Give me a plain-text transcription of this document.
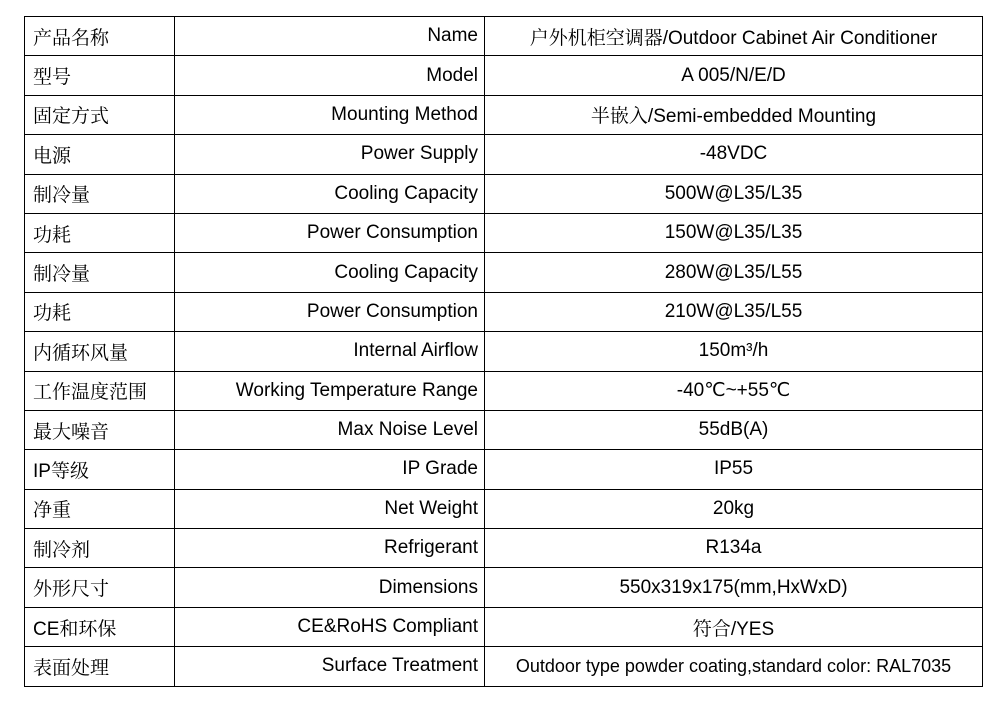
产品名称	Name	户外机柜空调器/Outdoor Cabinet Air Conditioner
型号	Model	A 005/N/E/D
固定方式	Mounting Method	半嵌入/Semi-embedded Mounting
电源	Power Supply	-48VDC
制冷量	Cooling Capacity	500W@L35/L35
功耗	Power Consumption	150W@L35/L35
制冷量	Cooling Capacity	280W@L35/L55
功耗	Power Consumption	210W@L35/L55
内循环风量	Internal Airflow	150m³/h
工作温度范围	Working Temperature Range	-40℃~+55℃
最大噪音	Max Noise Level	55dB(A)
IP等级	IP Grade	IP55
净重	Net Weight	20kg
制冷剂	Refrigerant	R134a
外形尺寸	Dimensions	550x319x175(mm,HxWxD)
CE和环保	CE&RoHS Compliant	符合/YES
表面处理	Surface Treatment	Outdoor type powder coating,standard color: RAL7035
